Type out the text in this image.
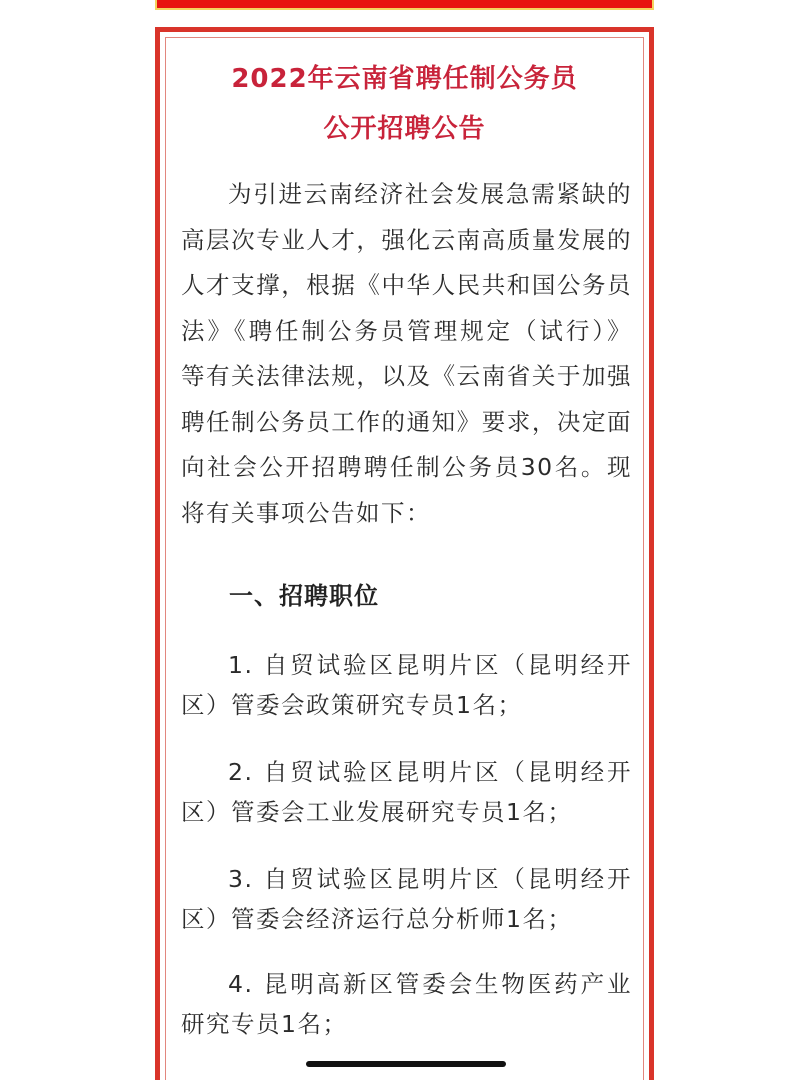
2022年云南省聘任制公务员
公开招聘公告
为引进云南经济社会发展急需紧缺的高层次专业人才，强化云南高质量发展的人才支撑，根据《中华人民共和国公务员法》《聘任制公务员管理规定（试行）》等有关法律法规，以及《云南省关于加强聘任制公务员工作的通知》要求，决定面向社会公开招聘聘任制公务员30名。现将有关事项公告如下：
一、招聘职位
1. 自贸试验区昆明片区（昆明经开区）管委会政策研究专员1名；
2. 自贸试验区昆明片区（昆明经开区）管委会工业发展研究专员1名；
3. 自贸试验区昆明片区（昆明经开区）管委会经济运行总分析师1名；
4. 昆明高新区管委会生物医药产业研究专员1名；
